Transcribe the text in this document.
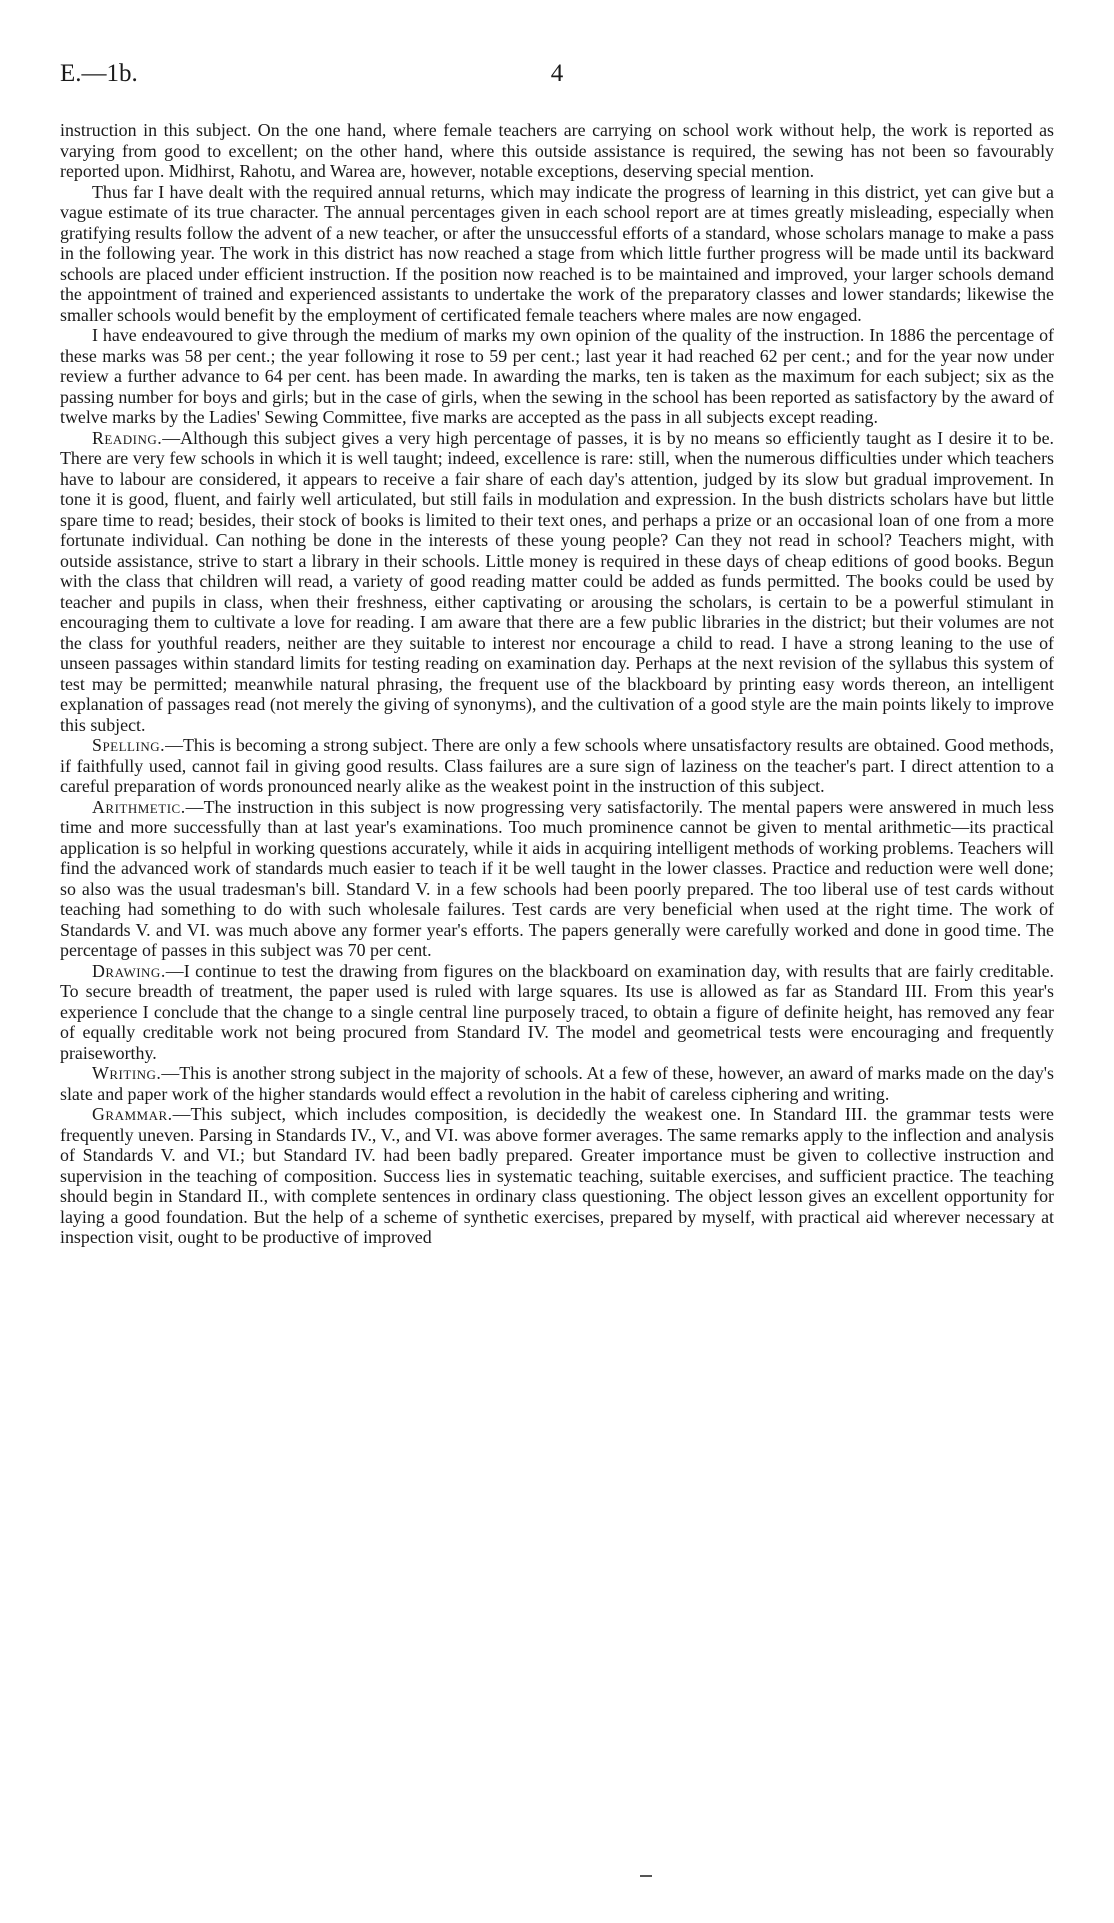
E.—1b.	4

instruction in this subject. On the one hand, where female teachers are carrying on school work without help, the work is reported as varying from good to excellent; on the other hand, where this outside assistance is required, the sewing has not been so favourably reported upon. Midhirst, Rahotu, and Warea are, however, notable exceptions, deserving special mention.

Thus far I have dealt with the required annual returns, which may indicate the progress of learning in this district, yet can give but a vague estimate of its true character. The annual percentages given in each school report are at times greatly misleading, especially when gratifying results follow the advent of a new teacher, or after the unsuccessful efforts of a standard, whose scholars manage to make a pass in the following year. The work in this district has now reached a stage from which little further progress will be made until its backward schools are placed under efficient instruction. If the position now reached is to be maintained and improved, your larger schools demand the appointment of trained and experienced assistants to undertake the work of the preparatory classes and lower standards; likewise the smaller schools would benefit by the employment of certificated female teachers where males are now engaged.

I have endeavoured to give through the medium of marks my own opinion of the quality of the instruction. In 1886 the percentage of these marks was 58 per cent.; the year following it rose to 59 per cent.; last year it had reached 62 per cent.; and for the year now under review a further advance to 64 per cent. has been made. In awarding the marks, ten is taken as the maximum for each subject; six as the passing number for boys and girls; but in the case of girls, when the sewing in the school has been reported as satisfactory by the award of twelve marks by the Ladies' Sewing Committee, five marks are accepted as the pass in all subjects except reading.

Reading.—Although this subject gives a very high percentage of passes, it is by no means so efficiently taught as I desire it to be. There are very few schools in which it is well taught; indeed, excellence is rare: still, when the numerous difficulties under which teachers have to labour are considered, it appears to receive a fair share of each day's attention, judged by its slow but gradual improvement. In tone it is good, fluent, and fairly well articulated, but still fails in modulation and expression. In the bush districts scholars have but little spare time to read; besides, their stock of books is limited to their text ones, and perhaps a prize or an occasional loan of one from a more fortunate individual. Can nothing be done in the interests of these young people? Can they not read in school? Teachers might, with outside assistance, strive to start a library in their schools. Little money is required in these days of cheap editions of good books. Begun with the class that children will read, a variety of good reading matter could be added as funds permitted. The books could be used by teacher and pupils in class, when their freshness, either captivating or arousing the scholars, is certain to be a powerful stimulant in encouraging them to cultivate a love for reading. I am aware that there are a few public libraries in the district; but their volumes are not the class for youthful readers, neither are they suitable to interest nor encourage a child to read. I have a strong leaning to the use of unseen passages within standard limits for testing reading on examination day. Perhaps at the next revision of the syllabus this system of test may be permitted; meanwhile natural phrasing, the frequent use of the blackboard by printing easy words thereon, an intelligent explanation of passages read (not merely the giving of synonyms), and the cultivation of a good style are the main points likely to improve this subject.

Spelling.—This is becoming a strong subject. There are only a few schools where unsatisfactory results are obtained. Good methods, if faithfully used, cannot fail in giving good results. Class failures are a sure sign of laziness on the teacher's part. I direct attention to a careful preparation of words pronounced nearly alike as the weakest point in the instruction of this subject.

Arithmetic.—The instruction in this subject is now progressing very satisfactorily. The mental papers were answered in much less time and more successfully than at last year's examinations. Too much prominence cannot be given to mental arithmetic—its practical application is so helpful in working questions accurately, while it aids in acquiring intelligent methods of working problems. Teachers will find the advanced work of standards much easier to teach if it be well taught in the lower classes. Practice and reduction were well done; so also was the usual tradesman's bill. Standard V. in a few schools had been poorly prepared. The too liberal use of test cards without teaching had something to do with such wholesale failures. Test cards are very beneficial when used at the right time. The work of Standards V. and VI. was much above any former year's efforts. The papers generally were carefully worked and done in good time. The percentage of passes in this subject was 70 per cent.

Drawing.—I continue to test the drawing from figures on the blackboard on examination day, with results that are fairly creditable. To secure breadth of treatment, the paper used is ruled with large squares. Its use is allowed as far as Standard III. From this year's experience I conclude that the change to a single central line purposely traced, to obtain a figure of definite height, has removed any fear of equally creditable work not being procured from Standard IV. The model and geometrical tests were encouraging and frequently praiseworthy.

Writing.—This is another strong subject in the majority of schools. At a few of these, however, an award of marks made on the day's slate and paper work of the higher standards would effect a revolution in the habit of careless ciphering and writing.

Grammar.—This subject, which includes composition, is decidedly the weakest one. In Standard III. the grammar tests were frequently uneven. Parsing in Standards IV., V., and VI. was above former averages. The same remarks apply to the inflection and analysis of Standards V. and VI.; but Standard IV. had been badly prepared. Greater importance must be given to collective instruction and supervision in the teaching of composition. Success lies in systematic teaching, suitable exercises, and sufficient practice. The teaching should begin in Standard II., with complete sentences in ordinary class questioning. The object lesson gives an excellent opportunity for laying a good foundation. But the help of a scheme of synthetic exercises, prepared by myself, with practical aid wherever necessary at inspection visit, ought to be productive of improved
